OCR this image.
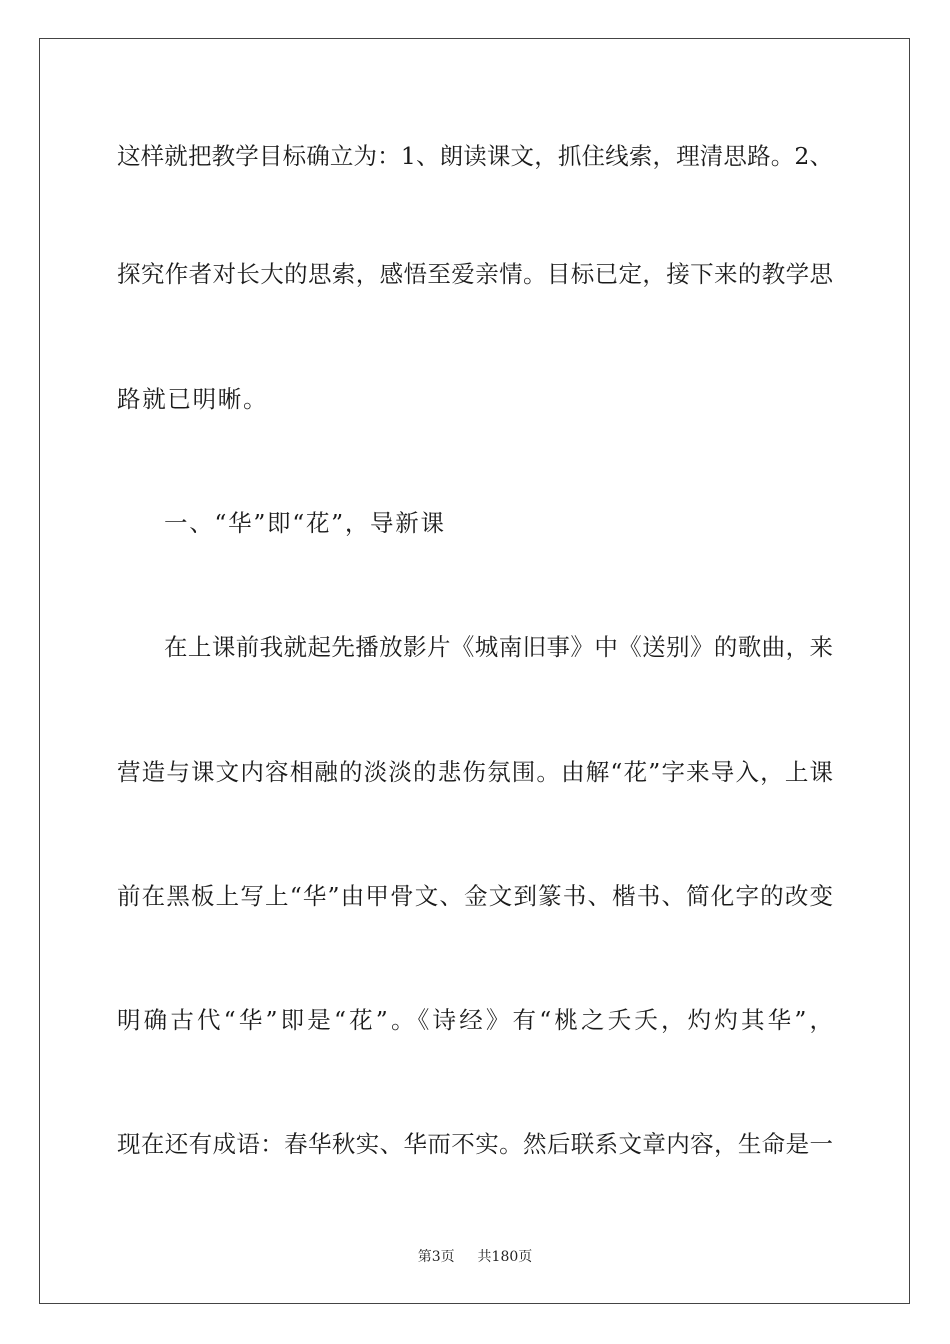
这样就把教学目标确立为：1、朗读课文，抓住线索，理清思路。2、
探究作者对长大的思索，感悟至爱亲情。目标已定，接下来的教学思
路就已明晰。
一、“华”即“花”，导新课
在上课前我就起先播放影片《城南旧事》中《送别》的歌曲，来
营造与课文内容相融的淡淡的悲伤氛围。由解“花”字来导入，上课
前在黑板上写上“华”由甲骨文、金文到篆书、楷书、简化字的改变
明确古代“华”即是“花”。《诗经》有“桃之夭夭，灼灼其华”，
现在还有成语：春华秋实、华而不实。然后联系文章内容，生命是一
第3页 共180页
